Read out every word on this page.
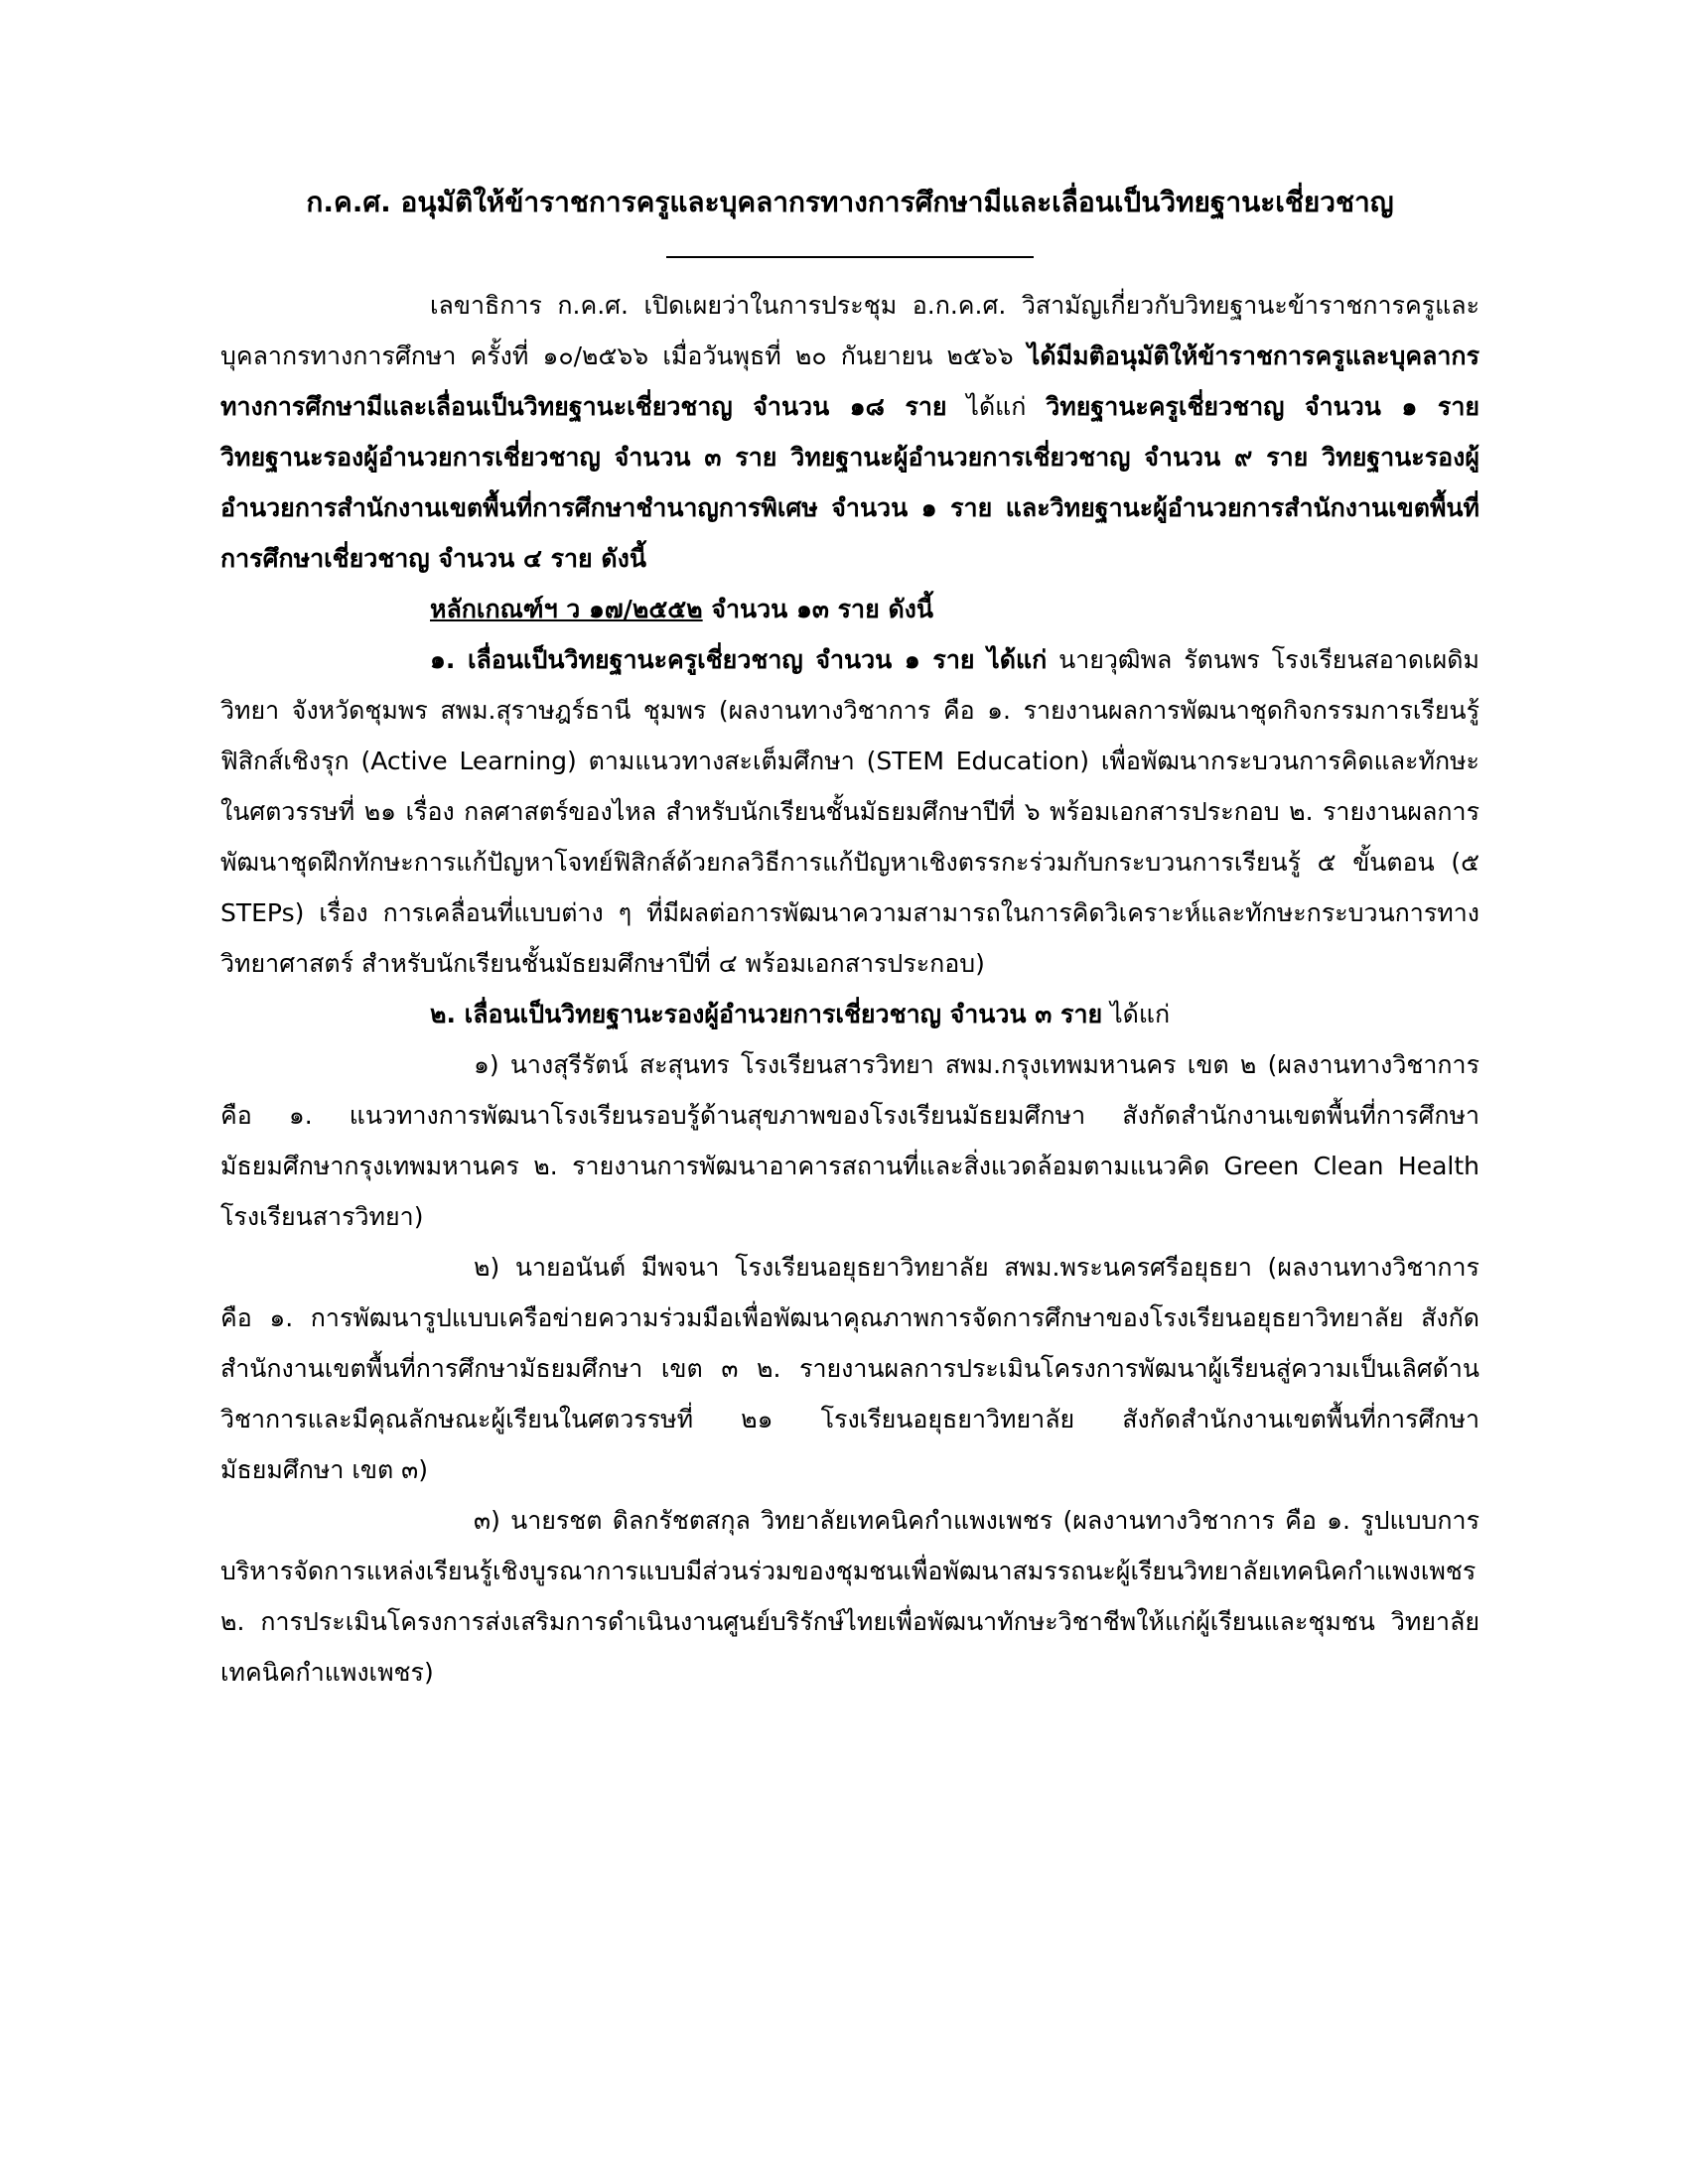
ก.ค.ศ. อนุมัติให้ข้าราชการครูและบุคลากรทางการศึกษามีและเลื่อนเป็นวิทยฐานะเชี่ยวชาญ

เลขาธิการ ก.ค.ศ. เปิดเผยว่าในการประชุม อ.ก.ค.ศ. วิสามัญเกี่ยวกับวิทยฐานะข้าราชการครูและบุคลากรทางการศึกษา ครั้งที่ ๑๐/๒๕๖๖ เมื่อวันพุธที่ ๒๐ กันยายน ๒๕๖๖ ได้มีมติอนุมัติให้ข้าราชการครูและบุคลากรทางการศึกษามีและเลื่อนเป็นวิทยฐานะเชี่ยวชาญ จำนวน ๑๘ ราย ได้แก่ วิทยฐานะครูเชี่ยวชาญ จำนวน ๑ ราย วิทยฐานะรองผู้อำนวยการเชี่ยวชาญ จำนวน ๓ ราย วิทยฐานะผู้อำนวยการเชี่ยวชาญ จำนวน ๙ ราย วิทยฐานะรองผู้อำนวยการสำนักงานเขตพื้นที่การศึกษาชำนาญการพิเศษ จำนวน ๑ ราย และวิทยฐานะผู้อำนวยการสำนักงานเขตพื้นที่การศึกษาเชี่ยวชาญ จำนวน ๔ ราย ดังนี้

หลักเกณฑ์ฯ ว ๑๗/๒๕๕๒ จำนวน ๑๓ ราย ดังนี้

๑. เลื่อนเป็นวิทยฐานะครูเชี่ยวชาญ จำนวน ๑ ราย ได้แก่ นายวุฒิพล รัตนพร โรงเรียนสอาดเผดิมวิทยา จังหวัดชุมพร สพม.สุราษฎร์ธานี ชุมพร (ผลงานทางวิชาการ คือ ๑. รายงานผลการพัฒนาชุดกิจกรรมการเรียนรู้ฟิสิกส์เชิงรุก (Active Learning) ตามแนวทางสะเต็มศึกษา (STEM Education) เพื่อพัฒนากระบวนการคิดและทักษะในศตวรรษที่ ๒๑ เรื่อง กลศาสตร์ของไหล สำหรับนักเรียนชั้นมัธยมศึกษาปีที่ ๖ พร้อมเอกสารประกอบ ๒. รายงานผลการพัฒนาชุดฝึกทักษะการแก้ปัญหาโจทย์ฟิสิกส์ด้วยกลวิธีการแก้ปัญหาเชิงตรรกะร่วมกับกระบวนการเรียนรู้ ๕ ขั้นตอน (๕ STEPs) เรื่อง การเคลื่อนที่แบบต่าง ๆ ที่มีผลต่อการพัฒนาความสามารถในการคิดวิเคราะห์และทักษะกระบวนการทางวิทยาศาสตร์ สำหรับนักเรียนชั้นมัธยมศึกษาปีที่ ๔ พร้อมเอกสารประกอบ)

๒. เลื่อนเป็นวิทยฐานะรองผู้อำนวยการเชี่ยวชาญ จำนวน ๓ ราย ได้แก่

๑) นางสุรีรัตน์ สะสุนทร โรงเรียนสารวิทยา สพม.กรุงเทพมหานคร เขต ๒ (ผลงานทางวิชาการ คือ ๑. แนวทางการพัฒนาโรงเรียนรอบรู้ด้านสุขภาพของโรงเรียนมัธยมศึกษา สังกัดสำนักงานเขตพื้นที่การศึกษามัธยมศึกษากรุงเทพมหานคร ๒. รายงานการพัฒนาอาคารสถานที่และสิ่งแวดล้อมตามแนวคิด Green Clean Health โรงเรียนสารวิทยา)

๒) นายอนันต์ มีพจนา โรงเรียนอยุธยาวิทยาลัย สพม.พระนครศรีอยุธยา (ผลงานทางวิชาการ คือ ๑. การพัฒนารูปแบบเครือข่ายความร่วมมือเพื่อพัฒนาคุณภาพการจัดการศึกษาของโรงเรียนอยุธยาวิทยาลัย สังกัดสำนักงานเขตพื้นที่การศึกษามัธยมศึกษา เขต ๓ ๒. รายงานผลการประเมินโครงการพัฒนาผู้เรียนสู่ความเป็นเลิศด้านวิชาการและมีคุณลักษณะผู้เรียนในศตวรรษที่ ๒๑ โรงเรียนอยุธยาวิทยาลัย สังกัดสำนักงานเขตพื้นที่การศึกษามัธยมศึกษา เขต ๓)

๓) นายรชต ดิลกรัชตสกุล วิทยาลัยเทคนิคกำแพงเพชร (ผลงานทางวิชาการ คือ ๑. รูปแบบการบริหารจัดการแหล่งเรียนรู้เชิงบูรณาการแบบมีส่วนร่วมของชุมชนเพื่อพัฒนาสมรรถนะผู้เรียนวิทยาลัยเทคนิคกำแพงเพชร ๒. การประเมินโครงการส่งเสริมการดำเนินงานศูนย์บริรักษ์ไทยเพื่อพัฒนาทักษะวิชาชีพให้แก่ผู้เรียนและชุมชน วิทยาลัยเทคนิคกำแพงเพชร)
